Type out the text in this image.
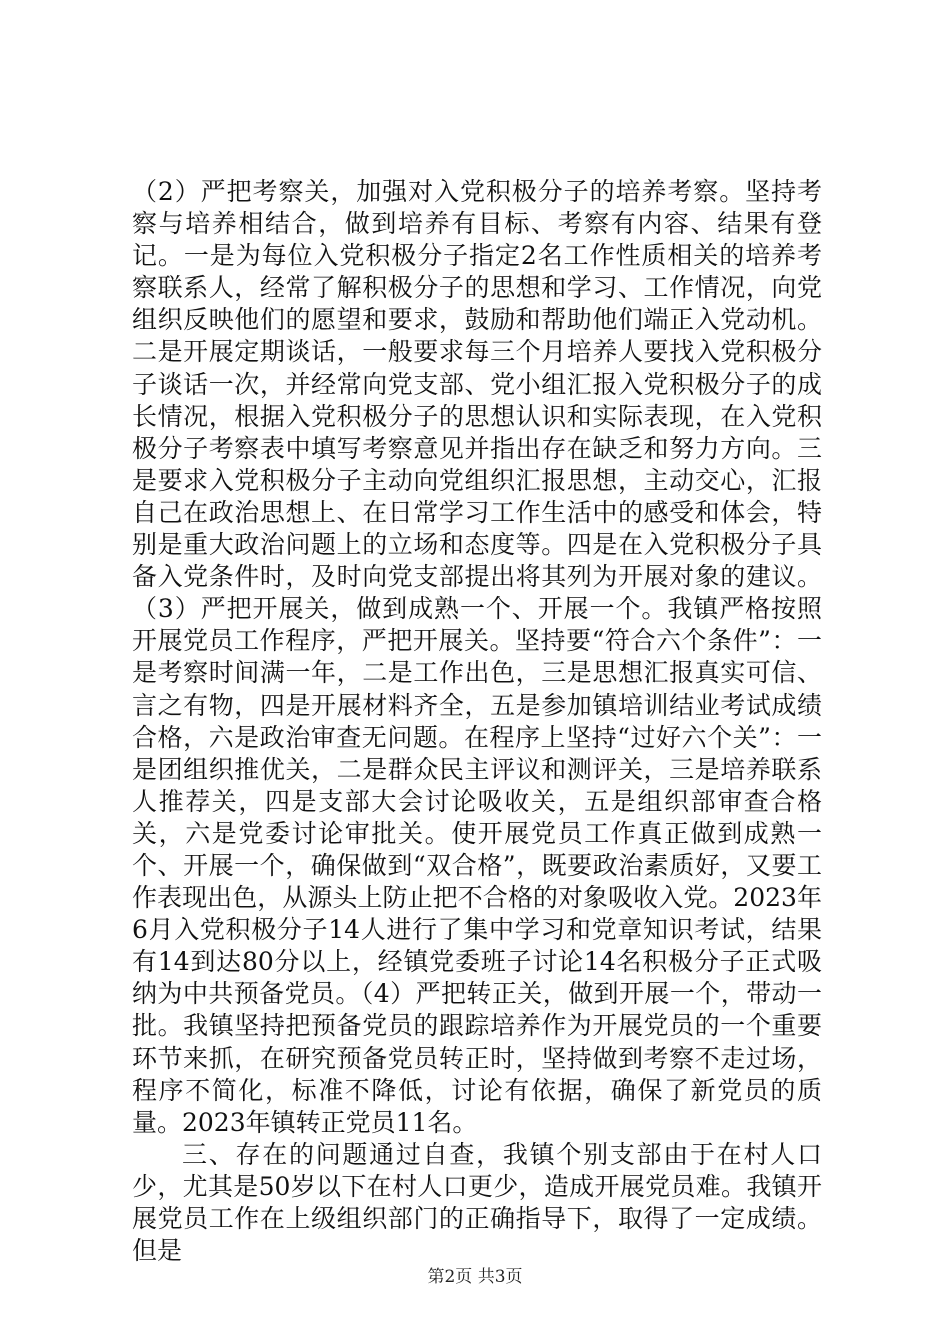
（2）严把考察关，加强对入党积极分子的培养考察。坚持考察与培养相结合，做到培养有目标、考察有内容、结果有登记。一是为每位入党积极分子指定2名工作性质相关的培养考察联系人，经常了解积极分子的思想和学习、工作情况，向党组织反映他们的愿望和要求，鼓励和帮助他们端正入党动机。二是开展定期谈话，一般要求每三个月培养人要找入党积极分子谈话一次，并经常向党支部、党小组汇报入党积极分子的成长情况，根据入党积极分子的思想认识和实际表现，在入党积极分子考察表中填写考察意见并指出存在缺乏和努力方向。三是要求入党积极分子主动向党组织汇报思想，主动交心，汇报自己在政治思想上、在日常学习工作生活中的感受和体会，特别是重大政治问题上的立场和态度等。四是在入党积极分子具备入党条件时，及时向党支部提出将其列为开展对象的建议。（3）严把开展关，做到成熟一个、开展一个。我镇严格按照开展党员工作程序，严把开展关。坚持要“符合六个条件”：一是考察时间满一年，二是工作出色，三是思想汇报真实可信、言之有物，四是开展材料齐全，五是参加镇培训结业考试成绩合格，六是政治审查无问题。在程序上坚持“过好六个关”：一是团组织推优关，二是群众民主评议和测评关，三是培养联系人推荐关，四是支部大会讨论吸收关，五是组织部审查合格关，六是党委讨论审批关。使开展党员工作真正做到成熟一个、开展一个，确保做到“双合格”，既要政治素质好，又要工作表现出色，从源头上防止把不合格的对象吸收入党。2023年6月入党积极分子14人进行了集中学习和党章知识考试，结果有14到达80分以上，经镇党委班子讨论14名积极分子正式吸纳为中共预备党员。（4）严把转正关，做到开展一个，带动一批。我镇坚持把预备党员的跟踪培养作为开展党员的一个重要环节来抓，在研究预备党员转正时，坚持做到考察不走过场，程序不简化，标准不降低，讨论有依据，确保了新党员的质量。2023年镇转正党员11名。

三、存在的问题通过自查，我镇个别支部由于在村人口少，尤其是50岁以下在村人口更少，造成开展党员难。我镇开展党员工作在上级组织部门的正确指导下，取得了一定成绩。但是

第2页 共3页
